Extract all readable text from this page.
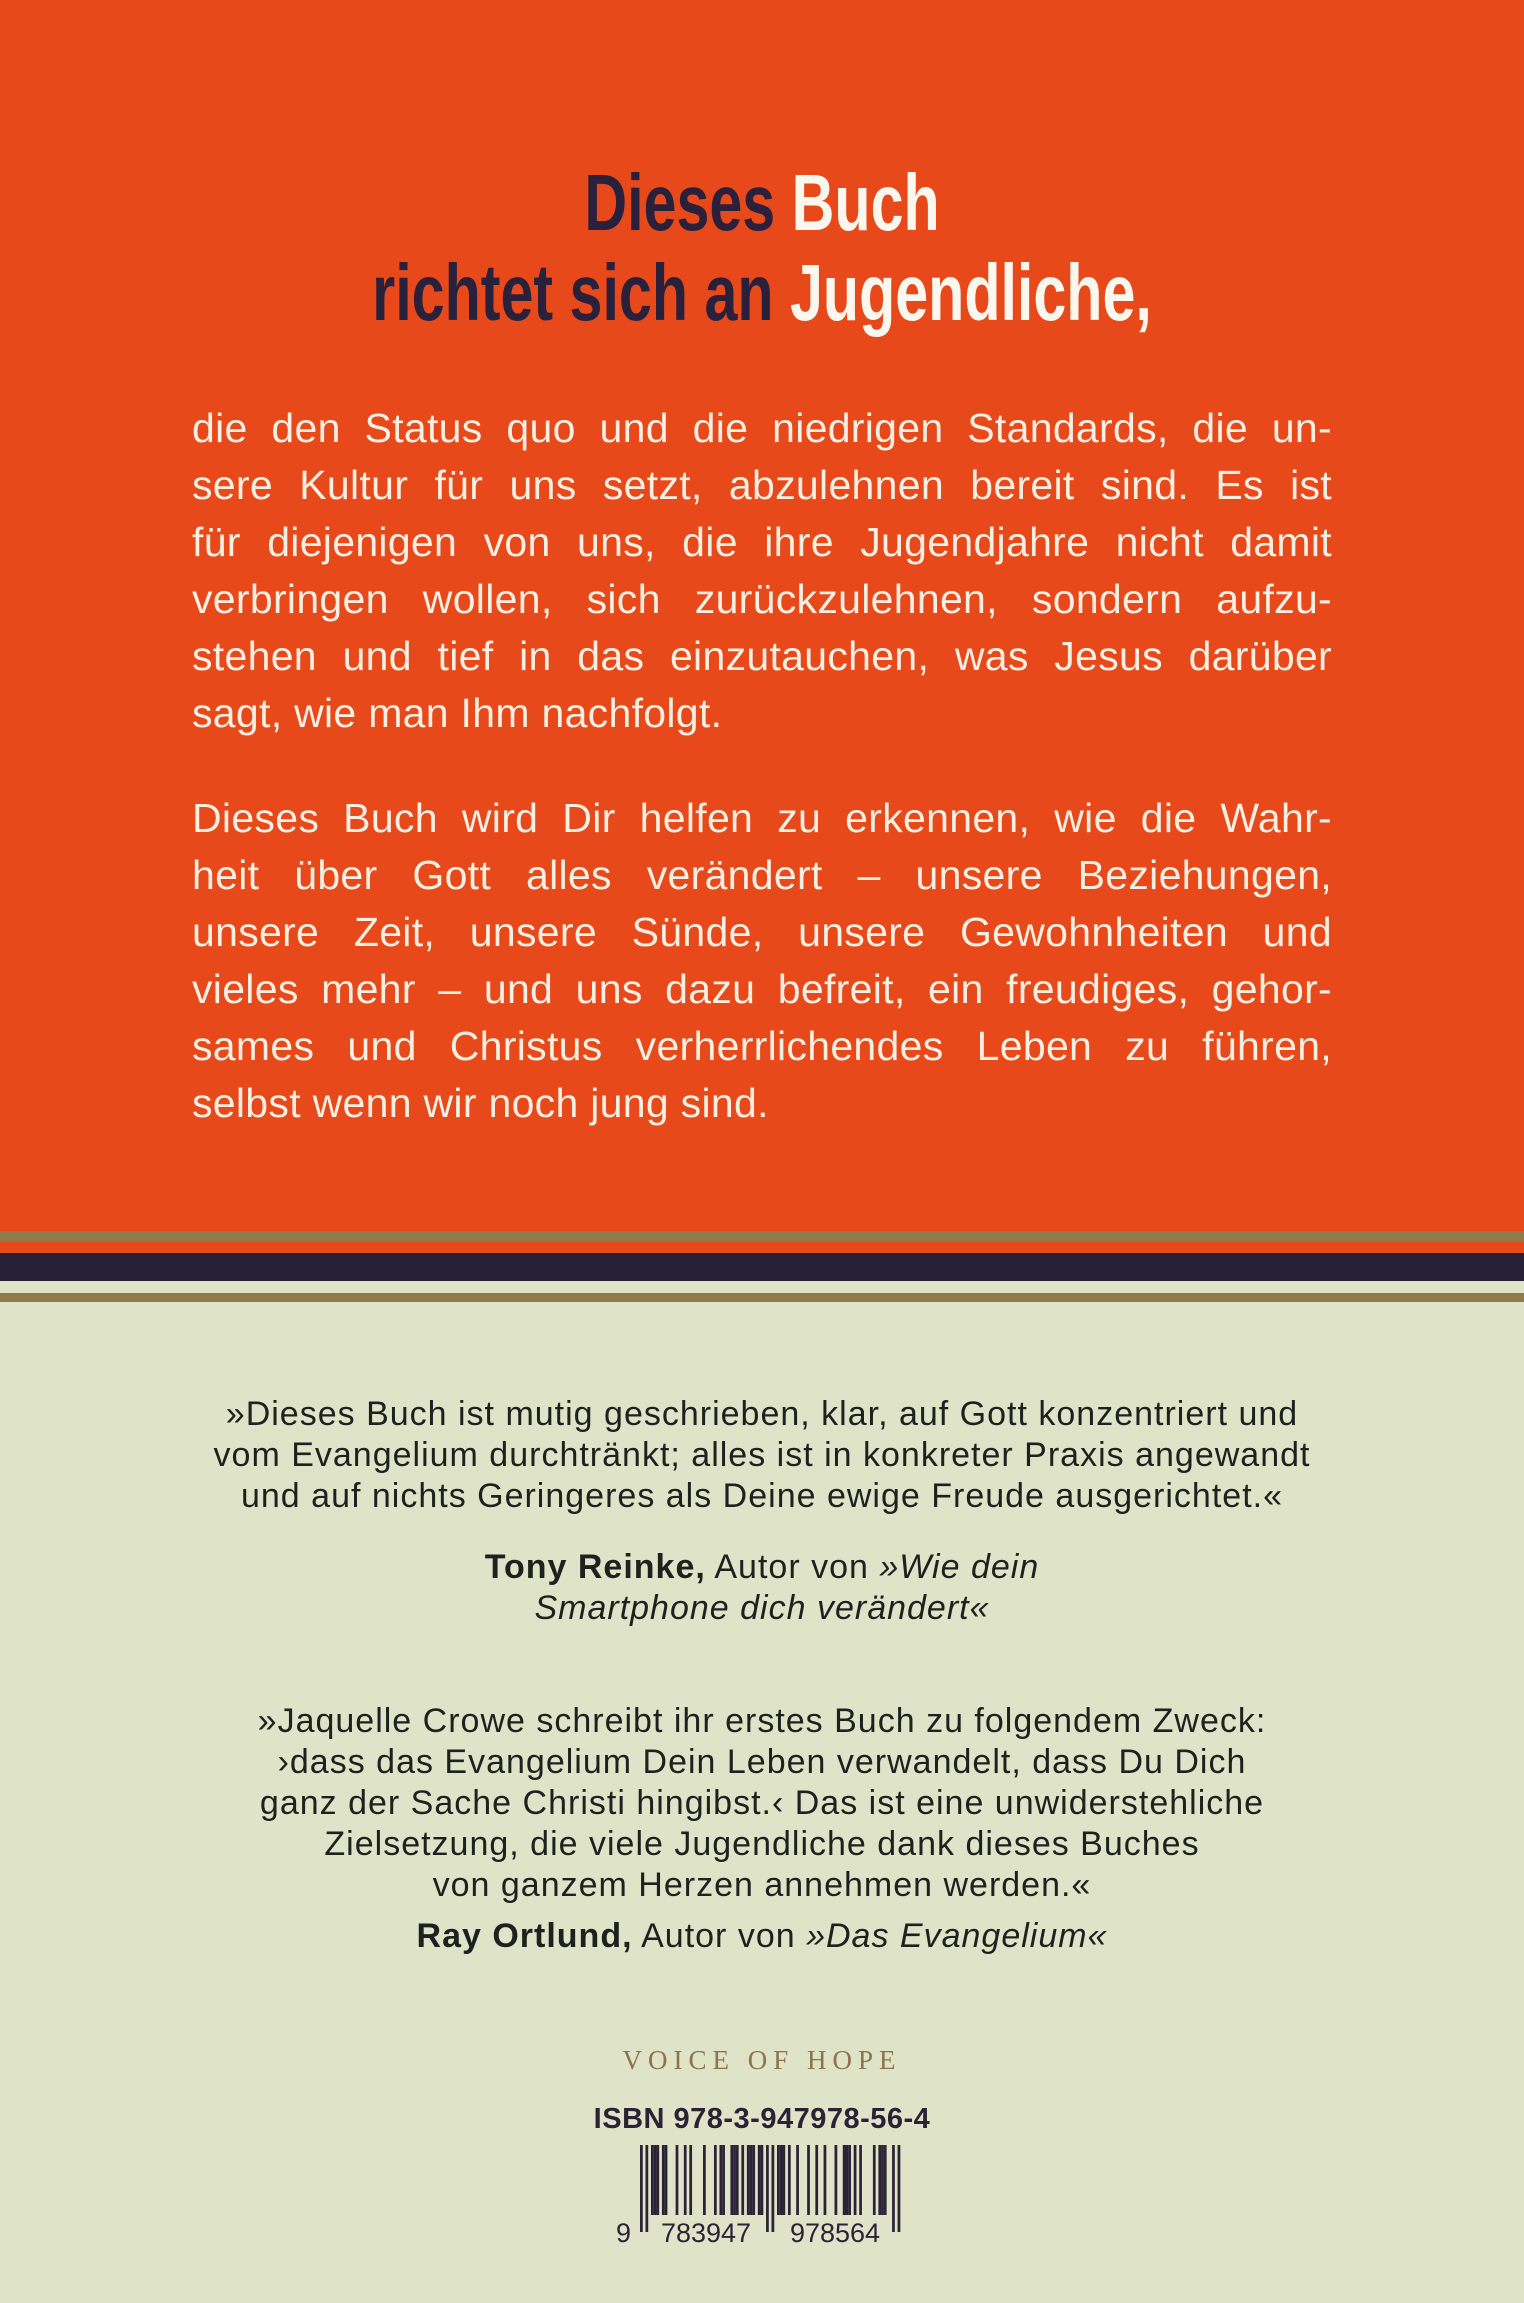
Dieses Buch
richtet sich an Jugendliche,

die den Status quo und die niedrigen Standards, die un-
sere Kultur für uns setzt, abzulehnen bereit sind. Es ist
für diejenigen von uns, die ihre Jugendjahre nicht damit
verbringen wollen, sich zurückzulehnen, sondern aufzu-
stehen und tief in das einzutauchen, was Jesus darüber
sagt, wie man Ihm nachfolgt.

Dieses Buch wird Dir helfen zu erkennen, wie die Wahr-
heit über Gott alles verändert – unsere Beziehungen,
unsere Zeit, unsere Sünde, unsere Gewohnheiten und
vieles mehr – und uns dazu befreit, ein freudiges, gehor-
sames und Christus verherrlichendes Leben zu führen,
selbst wenn wir noch jung sind.

»Dieses Buch ist mutig geschrieben, klar, auf Gott konzentriert und
vom Evangelium durchtränkt; alles ist in konkreter Praxis angewandt
und auf nichts Geringeres als Deine ewige Freude ausgerichtet.«
Tony Reinke, Autor von »Wie dein
Smartphone dich verändert«
»Jaquelle Crowe schreibt ihr erstes Buch zu folgendem Zweck:
›dass das Evangelium Dein Leben verwandelt, dass Du Dich
ganz der Sache Christi hingibst.‹ Das ist eine unwiderstehliche
Zielsetzung, die viele Jugendliche dank dieses Buches
von ganzem Herzen annehmen werden.«
Ray Ortlund, Autor von »Das Evangelium«
VOICE OF HOPE
ISBN 978-3-947978-56-4
9 783947 978564
